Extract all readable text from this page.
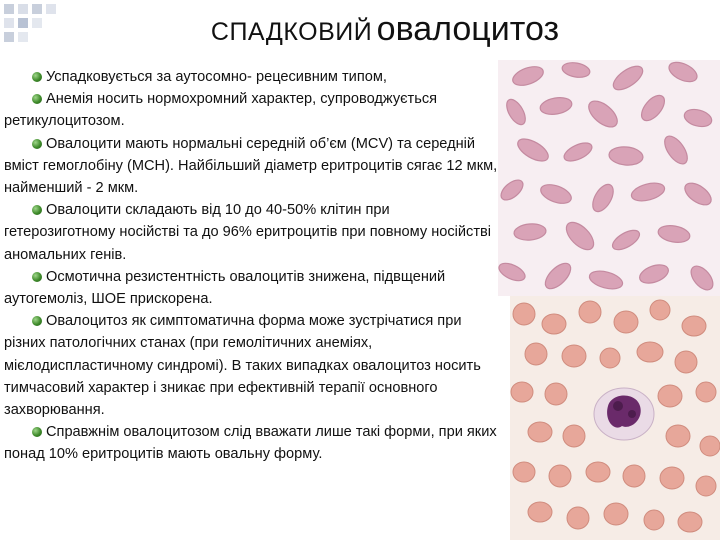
СПАДКОВИЙ овалоцитоз
Успадковується за аутосомно- рецесивним типом,
Анемія носить нормохромний характер, супроводжується ретикулоцитозом.
Овалоцити мають нормальні середній об’єм (MCV) та середній вміст гемоглобіну (MCH). Найбільший діаметр еритроцитів сягає 12 мкм, найменший - 2 мкм.
Овалоцити складають від 10 до 40-50% клітин при гетерозиготному носійстві та до 96% еритроцитів при повному носійстві аномальних генів.
Осмотична резистентність овалоцитів знижена, підвщений аутогемоліз, ШОЕ прискорена.
Овалоцитоз як симптоматична форма може зустрічатися при різних патологічних станах (при гемолітичних анеміях, мієлодиспластичному синдромі). В таких випадках овалоцитоз носить тимчасовий характер і зникає при ефективній терапії основного захворювання.
Справжнім овалоцитозом слід вважати лише такі форми, при яких понад 10% еритроцитів мають овальну форму.
